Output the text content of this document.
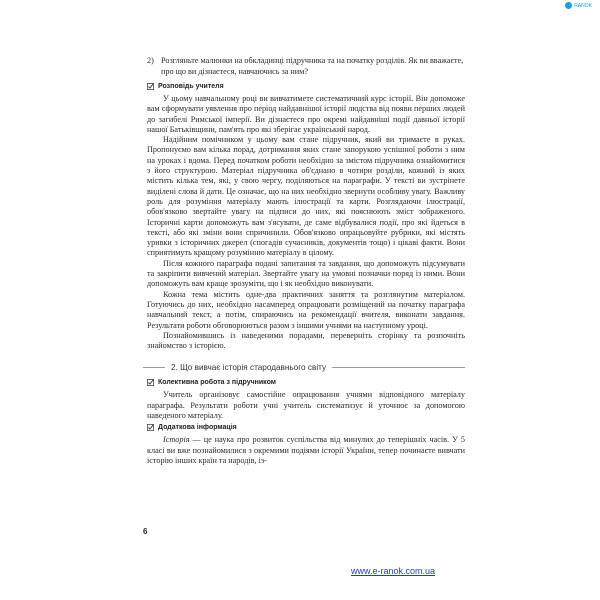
RANOK
2) Розгляньте малюнки на обкладинці підручника та на початку розділів. Як ви вважаєте, про що ви дізнаєтеся, навчаючись за ним?
Розповідь учителя

У цьому навчальному році ви вивчатимете систематичний курс історії. Він допоможе вам сформувати уявлення про період найдавнішої історії людства від появи перших людей до загибелі Римської імперії. Ви дізнаєтеся про окремі найдавніші події давньої історії нашої Батьківщини, пам'ять про які зберігає український народ.

Надійним помічником у цьому вам стане підручник, який ви тримаєте в руках. Пропонуємо вам кілька порад, дотримання яких стане запорукою успішної роботи з ним на уроках і вдома. Перед початком роботи необхідно за змістом підручника ознайомитися з його структурою. Матеріал підручника об'єднано в чотири розділи, кожний із яких містить кілька тем, які, у свою чергу, поділяються на параграфи. У тексті ви зустрінете виділені слова й дати. Це означає, що на них необхідно звернути особливу увагу. Важливу роль для розуміння матеріалу мають ілюстрації та карти. Розглядаючи ілюстрації, обов'язково звертайте увагу на підписи до них, які пояснюють зміст зображеного. Історичні карти допоможуть вам з'ясувати, де саме відбувалися події, про які йдеться в тексті, або які зміни вони спричинили. Обов'язково опрацьовуйте рубрики, які містять уривки з історичних джерел (спогадів сучасників, документів тощо) і цікаві факти. Вони сприятимуть кращому розумінню матеріалу в цілому.

Після кожного параграфа подані запитання та завдання, що допоможуть підсумувати та закріпити вивчений матеріал. Звертайте увагу на умовні позначки поряд із ними. Вони допоможуть вам краще зрозуміти, що і як необхідно виконувати.

Кожна тема містить одне-два практичних заняття та розглянутим матеріалом. Готуючись до них, необхідно насамперед опрацювати розміщений на початку параграфа навчальний текст, а потім, спираючись на рекомендації вчителя, виконати завдання. Результати роботи обговорюються разом з іншими учнями на наступному уроці.

Познайомившись із наведеними порадами, переверніть сторінку та розпочніть знайомство з історією.

2. Що вивчає історія стародавнього світу
Колективна робота з підручником

Учитель організовує самостійне опрацювання учнями відповідного матеріалу параграфа. Результати роботи учні учитель систематизує й уточнює за допомогою наведеного матеріалу.

Додаткова інформація

Історія — це наука про розвиток суспільства від минулих до теперішніх часів. У 5 класі ви вже познайомилися з окремими подіями історії України, тепер починаєте вивчати історію інших країн та народів, із-

6
www.e-ranok.com.ua
